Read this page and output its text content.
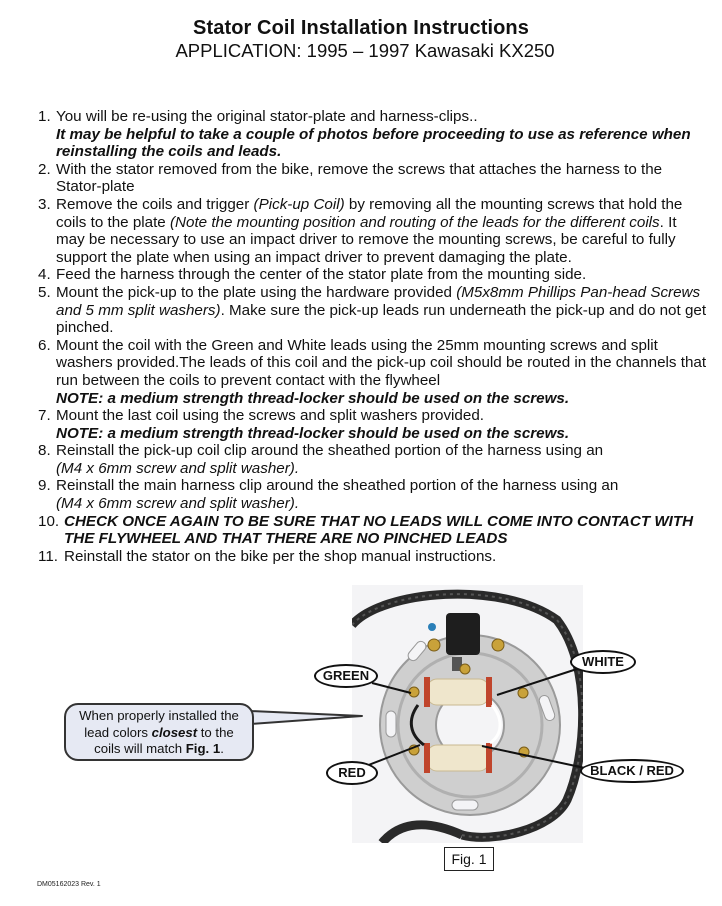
Stator Coil Installation Instructions
APPLICATION: 1995 – 1997 Kawasaki KX250
1. You will be re-using the original stator-plate and harness-clips..
It may be helpful to take a couple of photos before proceeding to use as reference when reinstalling the coils and leads.
2. With the stator removed from the bike, remove the screws that attaches the harness to the Stator-plate
3. Remove the coils and trigger (Pick-up Coil) by removing all the mounting screws that hold the coils to the plate (Note the mounting position and routing of the leads for the different coils. It may be necessary to use an impact driver to remove the mounting screws, be careful to fully support the plate when using an impact driver to prevent damaging the plate.
4. Feed the harness through the center of the stator plate from the mounting side.
5. Mount the pick-up to the plate using the hardware provided (M5x8mm Phillips Pan-head Screws and 5 mm split washers). Make sure the pick-up leads run underneath the pick-up and do not get pinched.
6. Mount the coil with the Green and White leads using the 25mm mounting screws and split washers provided.The leads of this coil and the pick-up coil should be routed in the channels that run between the coils to prevent contact with the flywheel
NOTE: a medium strength thread-locker should be used on the screws.
7. Mount the last coil using the screws and split washers provided.
NOTE: a medium strength thread-locker should be used on the screws.
8. Reinstall the pick-up coil clip around the sheathed portion of the harness using an
(M4 x 6mm screw and split washer).
9. Reinstall the main harness clip around the sheathed portion of the harness using an
(M4 x 6mm screw and split washer).
10. CHECK ONCE AGAIN TO BE SURE THAT NO LEADS WILL COME INTO CONTACT WITH THE FLYWHEEL AND THAT THERE ARE NO PINCHED LEADS
11. Reinstall the stator on the bike per the shop manual instructions.
When properly installed the
lead colors closest to the
coils will match Fig. 1.
GREEN
WHITE
RED	BLACK / RED
Fig. 1
DM05162023 Rev. 1
